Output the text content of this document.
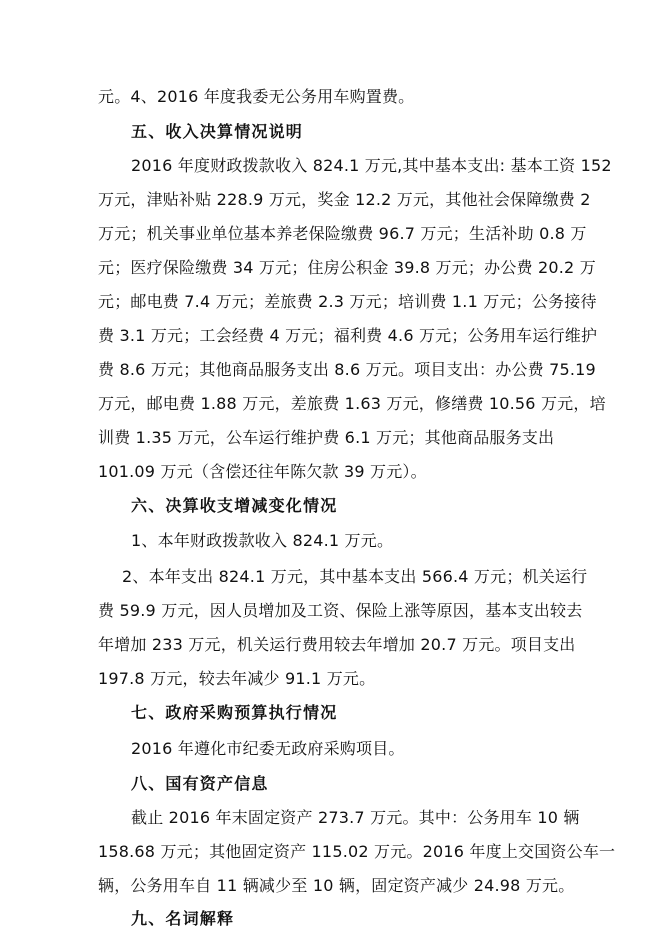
元。4、2016 年度我委无公务用车购置费。
五、收入决算情况说明
2016 年度财政拨款收入 824.1 万元,其中基本支出: 基本工资 152
万元，津贴补贴 228.9 万元，奖金 12.2 万元，其他社会保障缴费 2
万元；机关事业单位基本养老保险缴费 96.7 万元；生活补助 0.8 万
元；医疗保险缴费 34 万元；住房公积金 39.8 万元；办公费 20.2 万
元；邮电费 7.4 万元；差旅费 2.3 万元；培训费 1.1 万元；公务接待
费 3.1 万元；工会经费 4 万元；福利费 4.6 万元；公务用车运行维护
费 8.6 万元；其他商品服务支出 8.6 万元。项目支出：办公费 75.19
万元，邮电费 1.88 万元，差旅费 1.63 万元，修缮费 10.56 万元，培
训费 1.35 万元，公车运行维护费 6.1 万元；其他商品服务支出
101.09 万元（含偿还往年陈欠款 39 万元）。
六、决算收支增减变化情况
1、本年财政拨款收入 824.1 万元。
2、本年支出 824.1 万元，其中基本支出 566.4 万元；机关运行
费 59.9 万元，因人员增加及工资、保险上涨等原因，基本支出较去
年增加 233 万元，机关运行费用较去年增加 20.7 万元。项目支出
197.8 万元，较去年减少 91.1 万元。
七、政府采购预算执行情况
2016 年遵化市纪委无政府采购项目。
八、国有资产信息
截止 2016 年末固定资产 273.7 万元。其中：公务用车 10 辆
158.68 万元；其他固定资产 115.02 万元。2016 年度上交国资公车一
辆，公务用车自 11 辆减少至 10 辆，固定资产减少 24.98 万元。
九、名词解释
